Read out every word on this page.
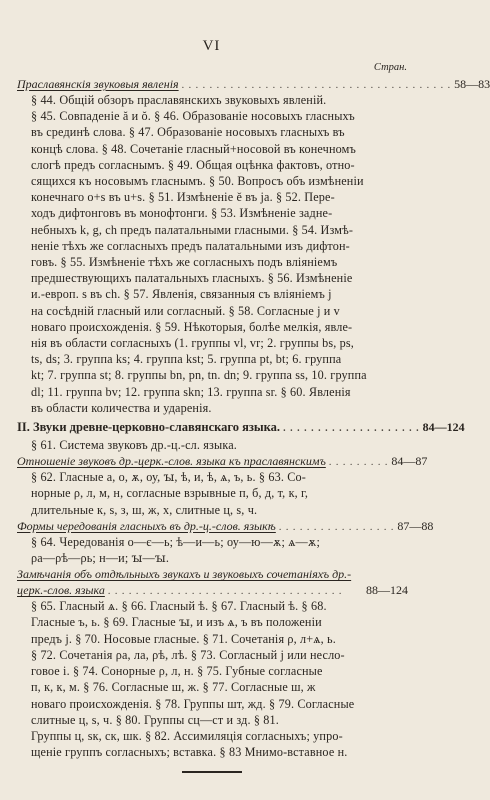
VI
Стран.
Праславянскія звуковыя явленія . . . . . . . . . . . . . . . . . . . . . . . . . . . . . . . . . . . . . . . 58—83
§ 44. Общій обзоръ праславянскихъ звуковыхъ явленій.
§ 45. Совпаденіе ă и ŏ. § 46. Образованіе носовыхъ гласныхъ
въ срединѣ слова. § 47. Образованіе носовыхъ гласныхъ въ
концѣ слова. § 48. Сочетаніе гласный+носовой въ конечномъ
слогѣ предъ согласнымъ. § 49. Общая оцѣнка фактовъ, отно-
сящихся къ носовымъ гласнымъ. § 50. Вопросъ объ измѣненіи
конечнаго о+s въ u+s. § 51. Измѣненіе ě въ ja. § 52. Пере-
ходъ дифтонговъ въ монофтонги. § 53. Измѣненіе задне-
небныхъ k, g, ch предъ палатальными гласными. § 54. Измѣ-
неніе тѣхъ же согласныхъ предъ палатальными изъ дифтон-
говъ. § 55. Измѣненіе тѣхъ же согласныхъ подъ вліяніемъ
предшествующихъ палатальныхъ гласныхъ. § 56. Измѣненіе
и.-европ. s въ ch. § 57. Явленія, связанныя съ вліяніемъ j
на сосѣдній гласный или согласный. § 58. Согласные j и v
новаго происхожденія. § 59. Нѣкоторыя, болѣе мелкія, явле-
нія въ области согласныхъ (1. группы vl, vr; 2. группы bs, ps,
ts, ds; 3. группа ks; 4. группа kst; 5. группа pt, bt; 6. группа
kt; 7. группа st; 8. группы bn, pn, tn. dn; 9. группа ss, 10. группа
dl; 11. группа bv; 12. группа skn; 13. группа sr. § 60. Явленія
въ области количества и ударенія.
II. Звуки древне-церковно-славянскаго языка. . . . . . . . . . . . . . . . . . . . . 84—124
§ 61. Система звуковъ др.-ц.-сл. языка.
Отношеніе звуковъ др.-церк.-слов. языка къ праславянскимъ . . . . . . . . . 84—87
§ 62. Гласные а, о, ѫ, оу, ꙑ, ѣ, и, ѣ, ѧ, ъ, ь. § 63. Со-
норные ρ, л, м, н, согласные взрывные п, б, д, т, к, г,
длительные к, ѕ, з, ш, ж, х, слитные ц, ѕ, ч.
Формы чередованія гласныхъ въ др.-ц.-слов. языкѣ . . . . . . . . . . . . . . . . . 87—88
§ 64. Чередованія о—є—ь; ѣ—и—ь; оу—ю—ѫ; ѧ—ѫ;
ρа—ρѣ—ρь; н—и; ꙑ—ꙑ.
Замѣчанія объ отдѣльныхъ звукахъ и звуковыхъ сочетаніяхъ др.-
церк.-слов. языка . . . . . . . . . . . . . . . . . . . . . . . . . . . . . . . . . .	88—124
§ 65. Гласный ѧ. § 66. Гласный ѣ. § 67. Гласный ѣ. § 68.
Гласные ъ, ь. § 69. Гласные ꙑ, и изъ ѧ, ъ въ положеніи
предъ j. § 70. Носовые гласные. § 71. Сочетанія ρ, л+ѧ, ь.
§ 72. Сочетанія ρа, ла, ρѣ, лѣ. § 73. Согласный j или неслo-
говое і. § 74. Сонорные ρ, л, н. § 75. Губные согласные
п, к, к, м. § 76. Согласные ш, ж. § 77. Согласные ш, ж
новаго происхожденія. § 78. Группы шт, жд. § 79. Согласные
слитные ц, ѕ, ч. § 80. Группы сц—ст и зд. § 81.
Группы ц, ѕк, ск, шк. § 82. Ассимиляція согласныхъ; упро-
щеніе группъ согласныхъ; вставка. § 83 Мнимо-вставное н.
